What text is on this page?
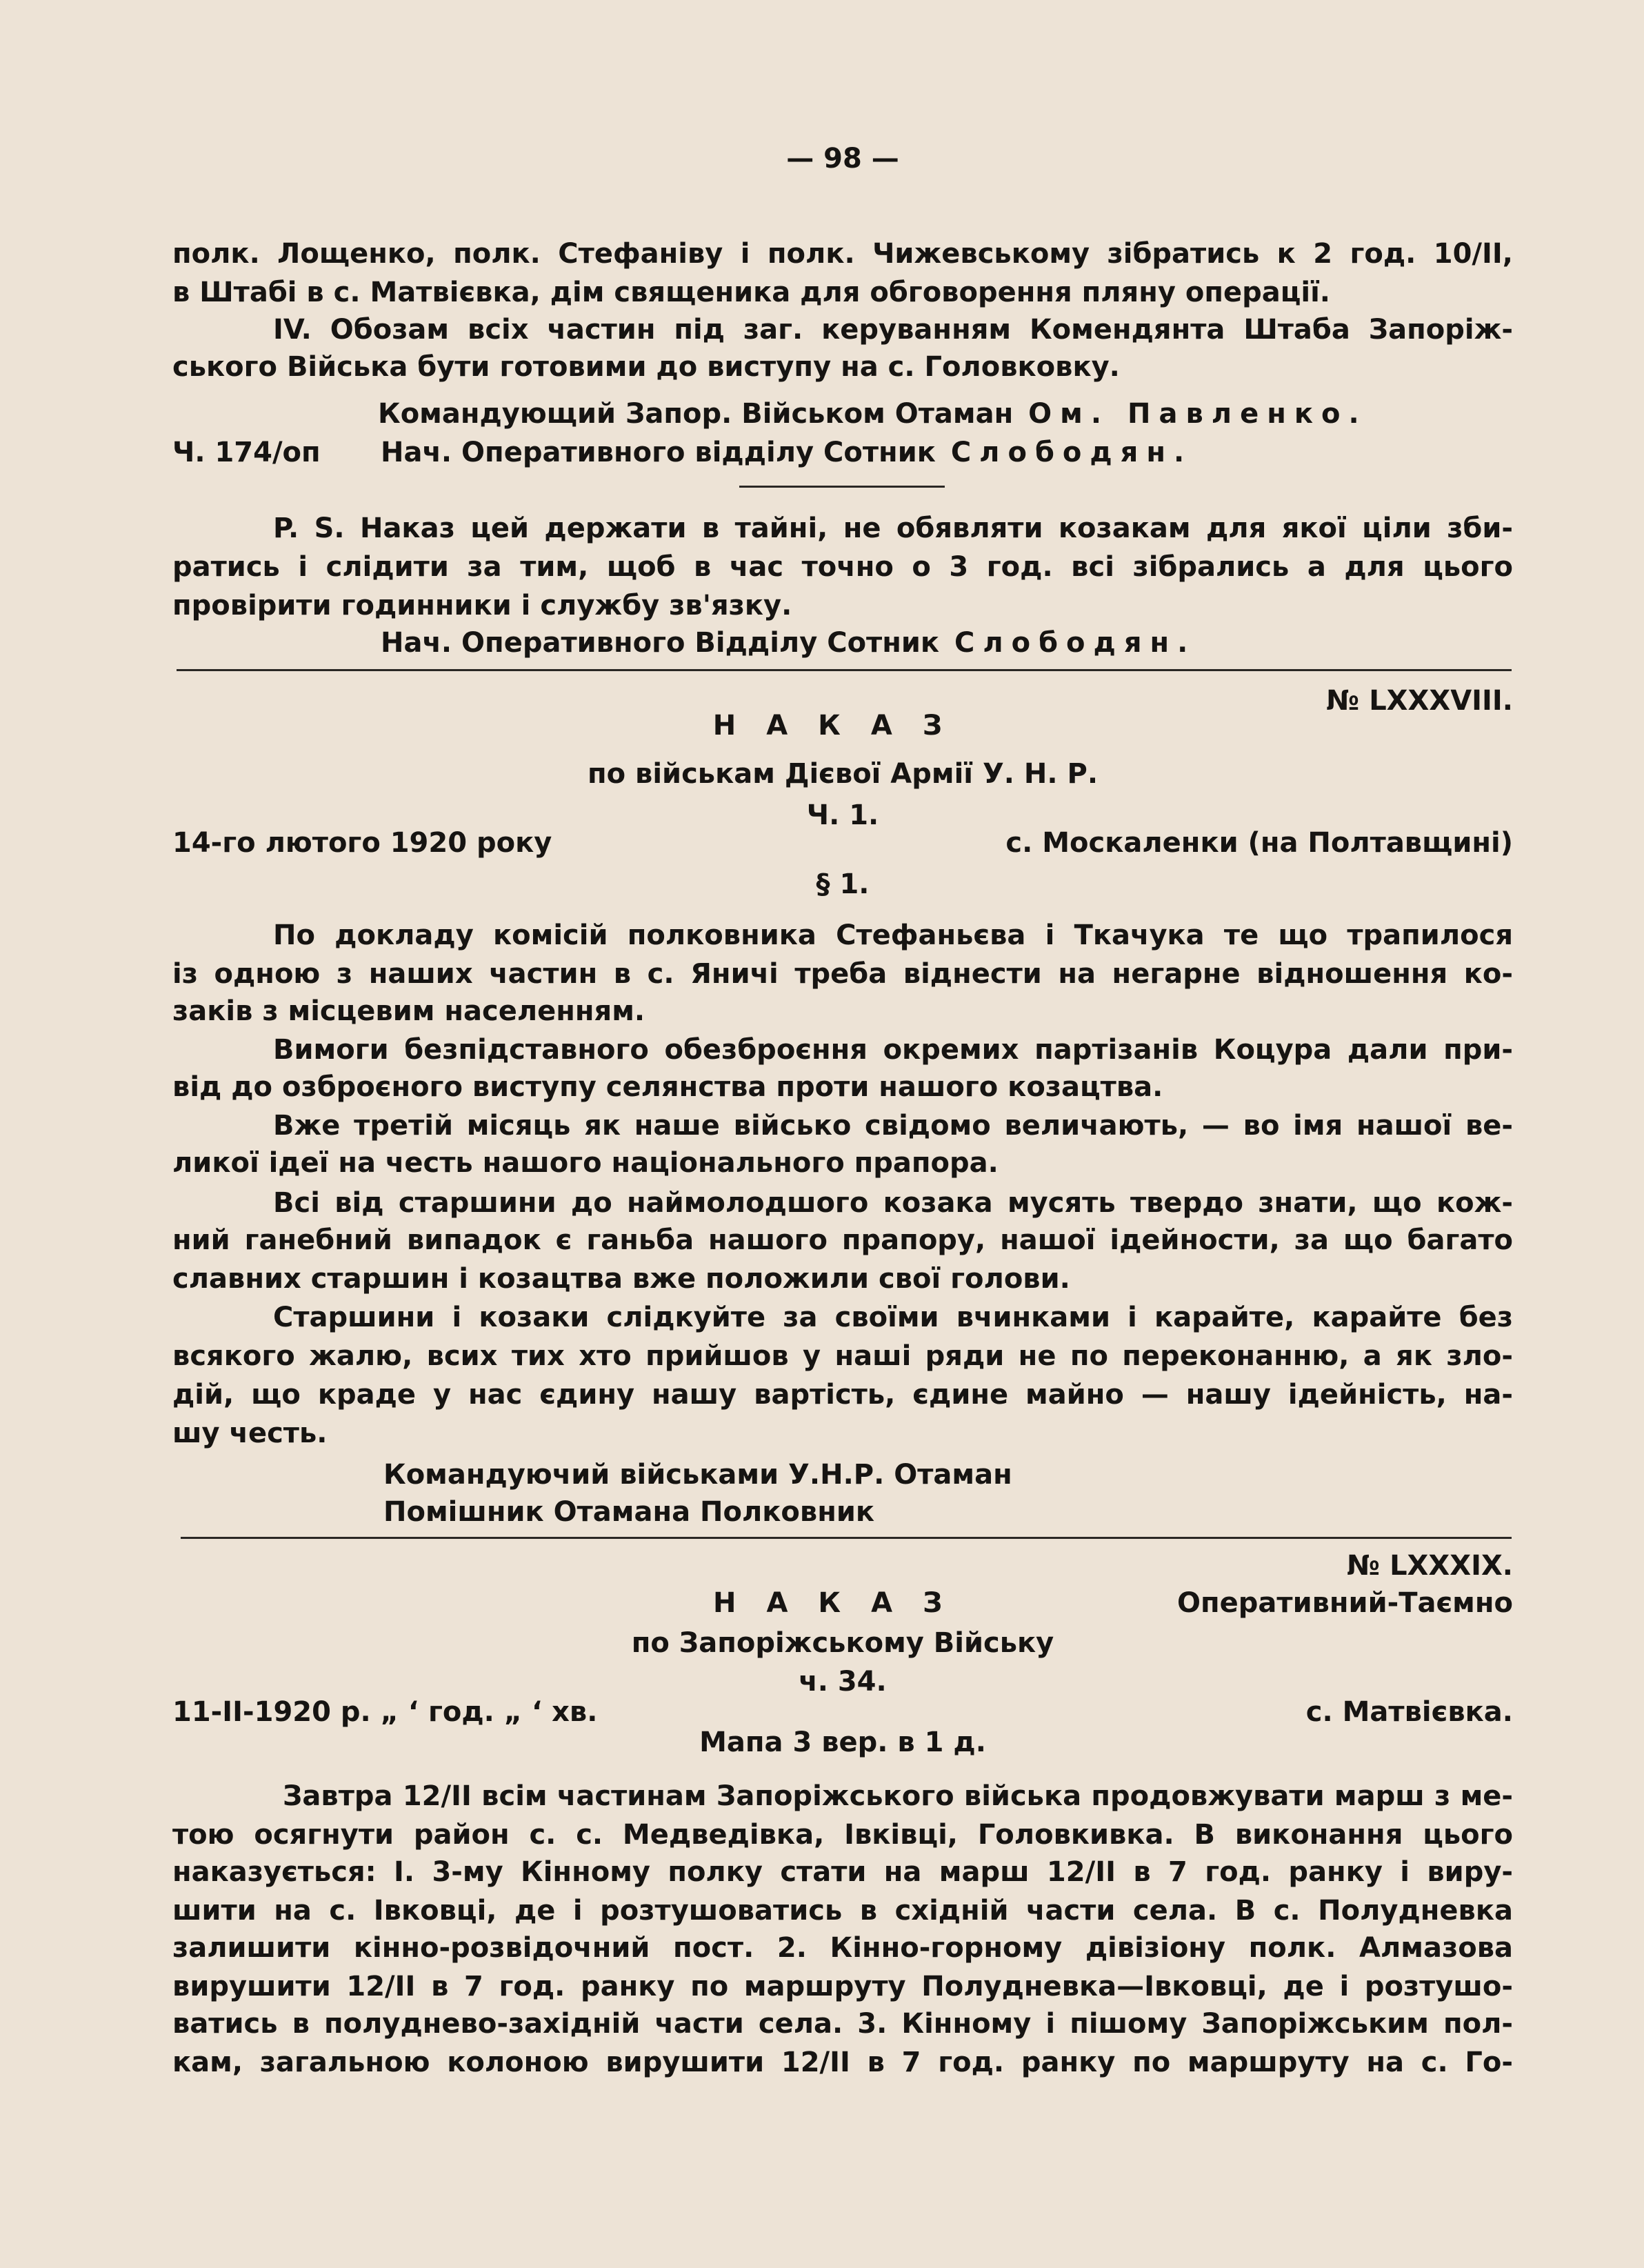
— 98 —
полк. Лощенко, полк. Стефаніву і полк. Чижевському зібратись к 2 год. 10/II,
в Штабі в с. Матвієвка, дім священика для обговорення пляну операції.
IV. Обозам всіх частин під заг. керуванням Комендянта Штаба Запоріж-
ського Війська бути готовими до виступу на с. Головковку.
Командующий Запор. Військом Отаман Ом. Павленко.
Ч. 174/оп Нач. Оперативного відділу Сотник Слободян.
P. S. Наказ цей держати в тайні, не обявляти козакам для якої ціли зби-
ратись і слідити за тим, щоб в час точно о 3 год. всі зібрались а для цього
провірити годинники і службу зв'язку.
Нач. Оперативного Відділу Сотник Слободян.
№ LXXXVIII.
НАКАЗ
по військам Дієвої Армії У. Н. Р.
Ч. 1.
14-го лютого 1920 року	с. Москаленки (на Полтавщині)
§ 1.
По докладу комісій полковника Стефаньєва і Ткачука те що трапилося
із одною з наших частин в с. Яничі треба віднести на негарне відношення ко-
заків з місцевим населенням.
Вимоги безпідставного обезброєння окремих партізанів Коцура дали при-
від до озброєного виступу селянства проти нашого козацтва.
Вже третій місяць як наше військо свідомо величають, — во імя нашої ве-
ликої ідеї на честь нашого національного прапора.
Всі від старшини до наймолодшого козака мусять твердо знати, що кож-
ний ганебний випадок є ганьба нашого прапору, нашої ідейности, за що багато
славних старшин і козацтва вже положили свої голови.
Старшини і козаки слідкуйте за своїми вчинками і карайте, карайте без
всякого жалю, всих тих хто прийшов у наші ряди не по переконанню, а як зло-
дій, що краде у нас єдину нашу вартість, єдине майно — нашу ідейність, на-
шу честь.
Командуючий військами У.Н.Р. Отаман
Помішник Отамана Полковник
№ LXXXIX.
НАКАЗ	Оперативний-Таємно
по Запоріжському Війську
ч. 34.
11-II-1920 р. „ ‘ год. „ ‘ хв.	с. Матвієвка.
Мапа 3 вер. в 1 д.
Завтра 12/II всім частинам Запоріжського війська продовжувати марш з ме-
тою осягнути район с. с. Медведівка, Івківці, Головкивка. В виконання цього
наказується: I. 3-му Кінному полку стати на марш 12/II в 7 год. ранку і виру-
шити на с. Івковці, де і розтушоватись в східній части села. В с. Полудневка
залишити кінно-розвідочний пост. 2. Кінно-горному дівізіону полк. Алмазова
вирушити 12/II в 7 год. ранку по маршруту Полудневка—Івковці, де і розтушо-
ватись в полудневo-західній части села. 3. Кінному і пішому Запоріжським пол-
кам, загальною колоною вирушити 12/II в 7 год. ранку по маршруту на с. Го-
